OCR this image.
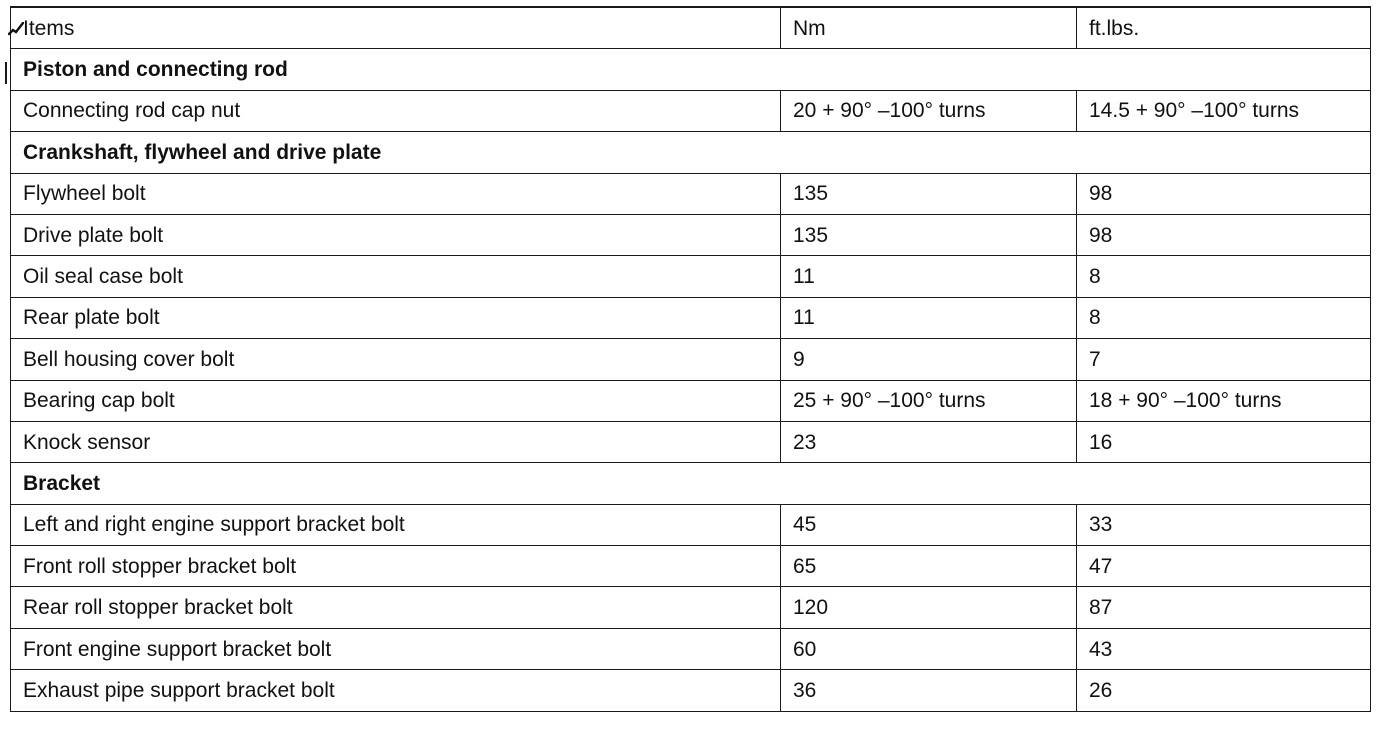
Items	Nm	ft.lbs.
Piston and connecting rod		
Connecting rod cap nut	20 + 90° –100° turns	14.5 + 90° –100° turns
Crankshaft, flywheel and drive plate		
Flywheel bolt	135	98
Drive plate bolt	135	98
Oil seal case bolt	11	8
Rear plate bolt	11	8
Bell housing cover bolt	9	7
Bearing cap bolt	25 + 90° –100° turns	18 + 90° –100° turns
Knock sensor	23	16
Bracket		
Left and right engine support bracket bolt	45	33
Front roll stopper bracket bolt	65	47
Rear roll stopper bracket bolt	120	87
Front engine support bracket bolt	60	43
Exhaust pipe support bracket bolt	36	26
